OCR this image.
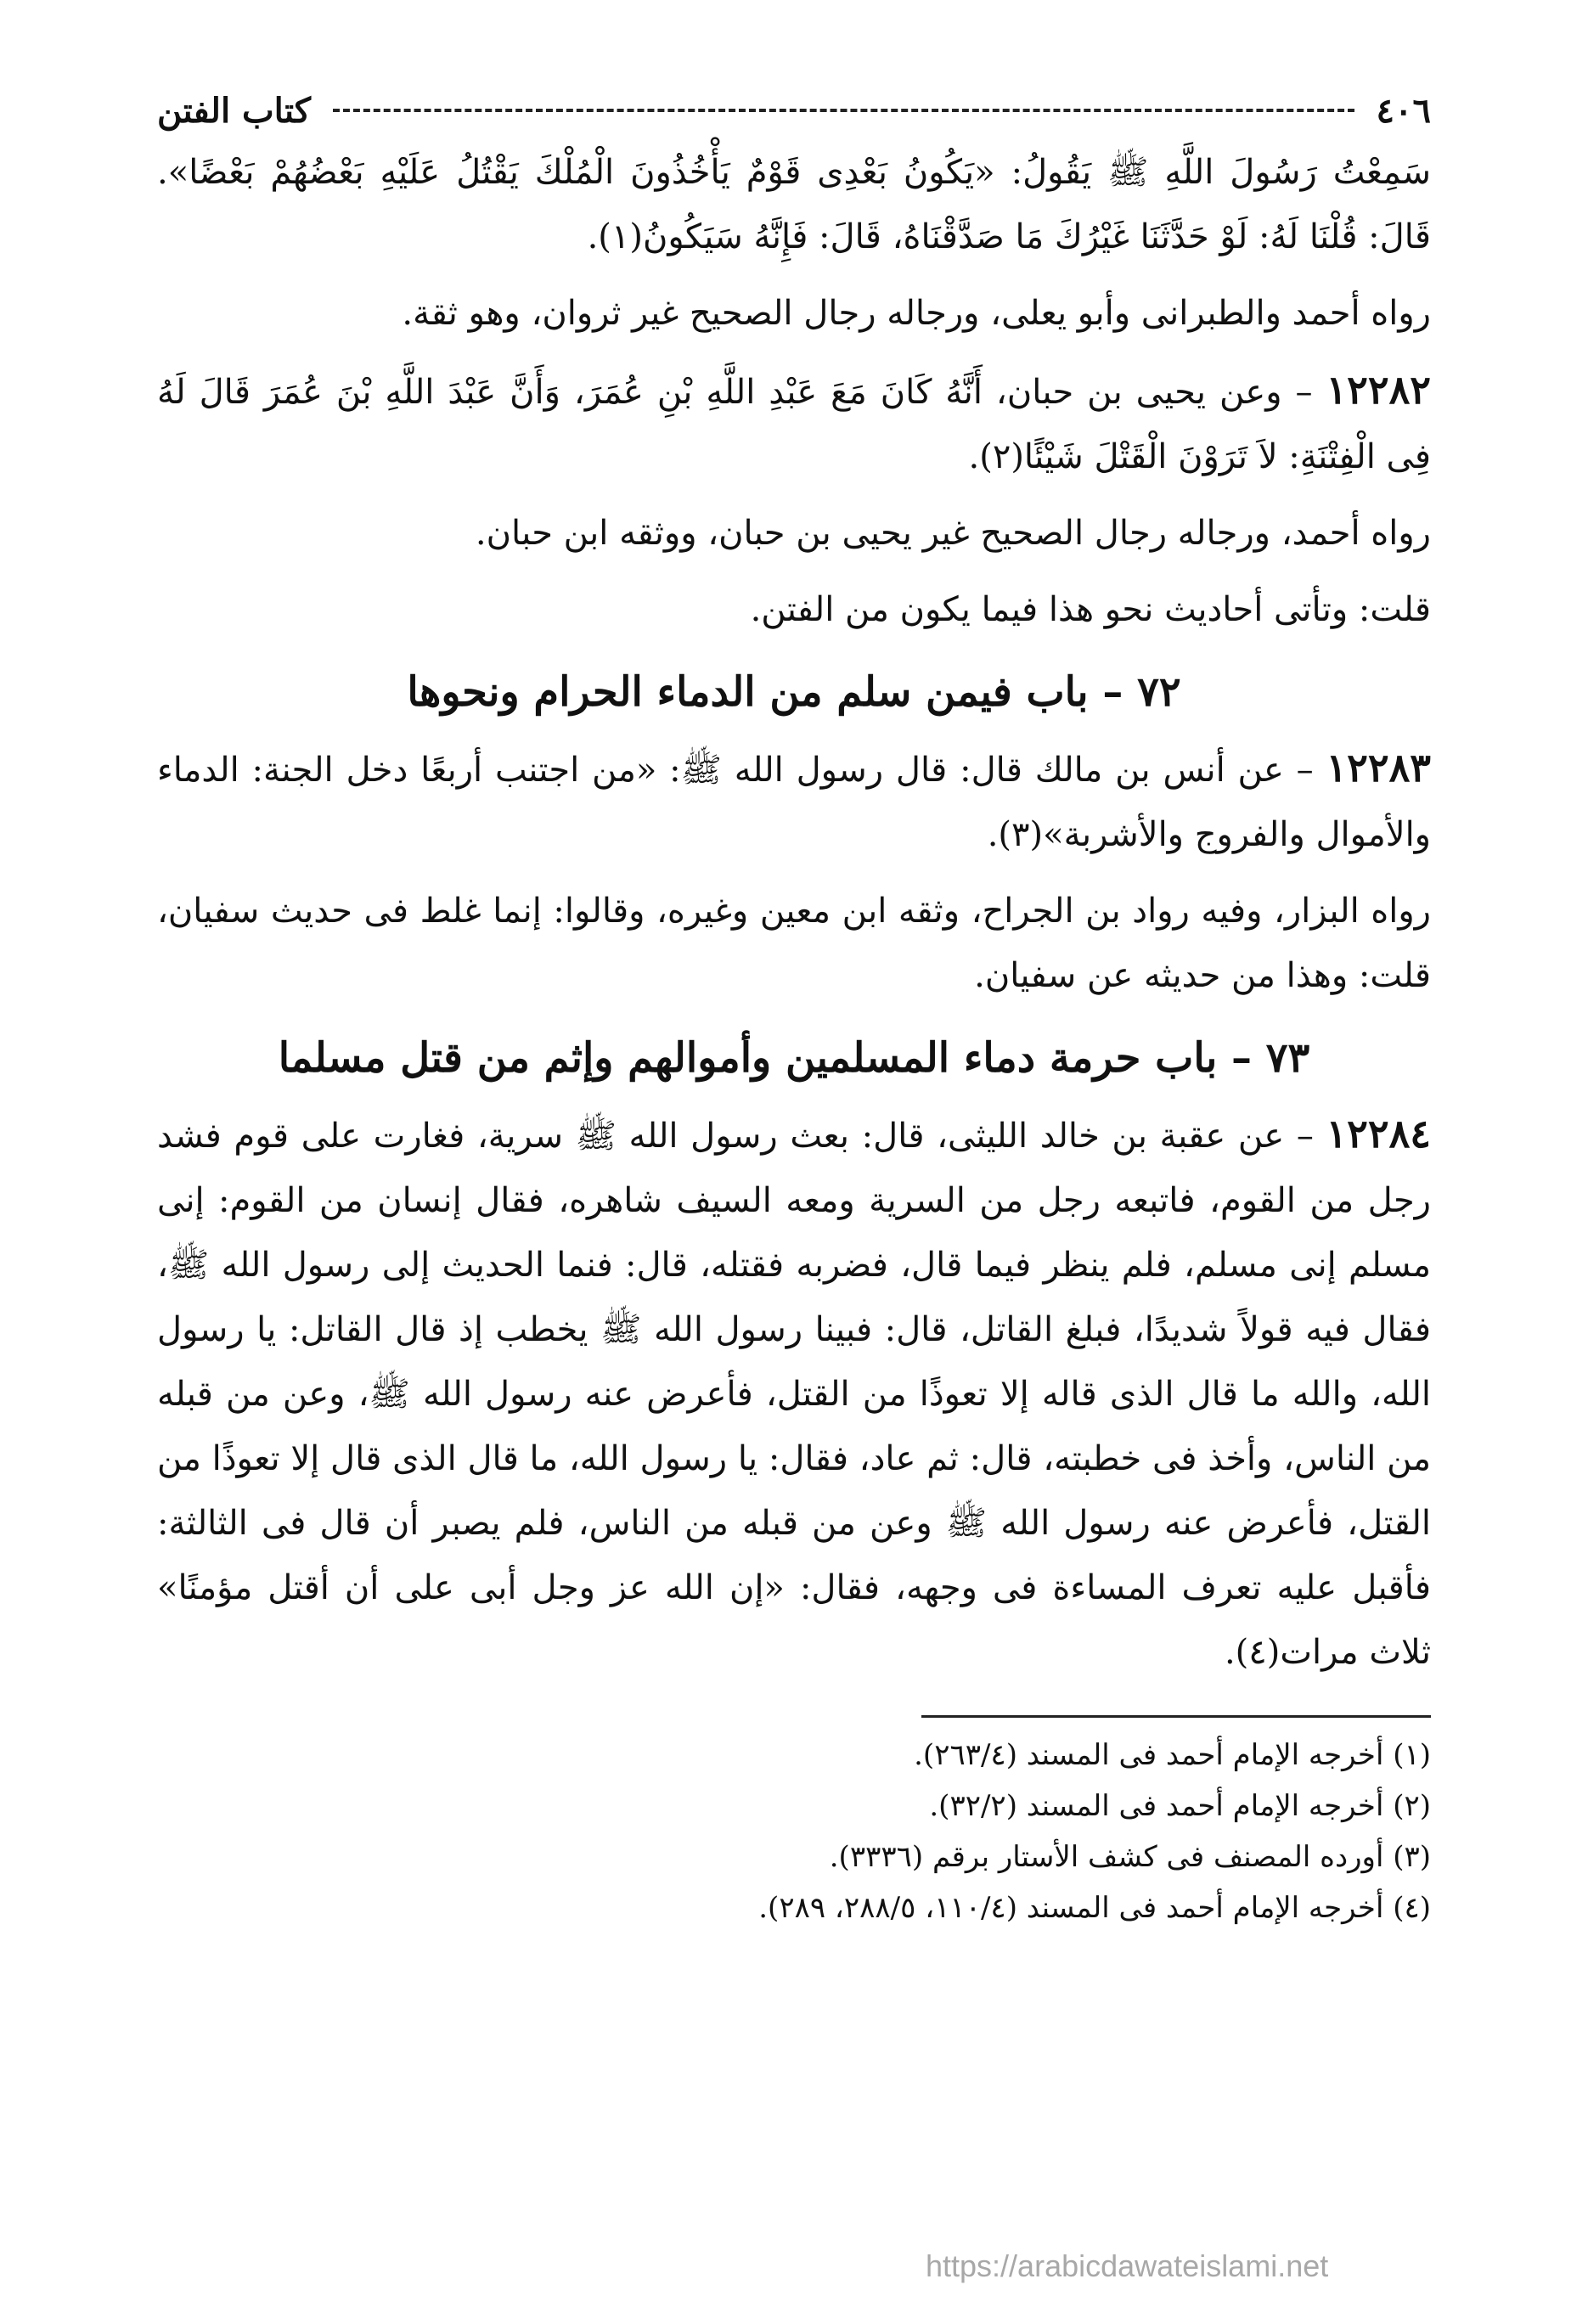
٤٠٦
كتاب الفتن

سَمِعْتُ رَسُولَ اللَّهِ ﷺ يَقُولُ: «يَكُونُ بَعْدِى قَوْمٌ يَأْخُذُونَ الْمُلْكَ يَقْتُلُ عَلَيْهِ بَعْضُهُمْ بَعْضًا». قَالَ: قُلْنَا لَهُ: لَوْ حَدَّثَنَا غَيْرُكَ مَا صَدَّقْنَاهُ، قَالَ: فَإِنَّهُ سَيَكُونُ(١).

رواه أحمد والطبرانى وأبو يعلى، ورجاله رجال الصحيح غير ثروان، وهو ثقة.

١٢٢٨٢ – وعن يحيى بن حبان، أَنَّهُ كَانَ مَعَ عَبْدِ اللَّهِ بْنِ عُمَرَ، وَأَنَّ عَبْدَ اللَّهِ بْنَ عُمَرَ قَالَ لَهُ فِى الْفِتْنَةِ: لاَ تَرَوْنَ الْقَتْلَ شَيْئًا(٢).

رواه أحمد، ورجاله رجال الصحيح غير يحيى بن حبان، ووثقه ابن حبان.

قلت: وتأتى أحاديث نحو هذا فيما يكون من الفتن.

٧٢ – باب فيمن سلم من الدماء الحرام ونحوها

١٢٢٨٣ – عن أنس بن مالك قال: قال رسول الله ﷺ: «من اجتنب أربعًا دخل الجنة: الدماء والأموال والفروج والأشربة»(٣).

رواه البزار، وفيه رواد بن الجراح، وثقه ابن معين وغيره، وقالوا: إنما غلط فى حديث سفيان، قلت: وهذا من حديثه عن سفيان.

٧٣ – باب حرمة دماء المسلمين وأموالهم وإثم من قتل مسلما

١٢٢٨٤ – عن عقبة بن خالد الليثى، قال: بعث رسول الله ﷺ سرية، فغارت على قوم فشد رجل من القوم، فاتبعه رجل من السرية ومعه السيف شاهره، فقال إنسان من القوم: إنى مسلم إنى مسلم، فلم ينظر فيما قال، فضربه فقتله، قال: فنما الحديث إلى رسول الله ﷺ، فقال فيه قولاً شديدًا، فبلغ القاتل، قال: فبينا رسول الله ﷺ يخطب إذ قال القاتل: يا رسول الله، والله ما قال الذى قاله إلا تعوذًا من القتل، فأعرض عنه رسول الله ﷺ، وعن من قبله من الناس، وأخذ فى خطبته، قال: ثم عاد، فقال: يا رسول الله، ما قال الذى قال إلا تعوذًا من القتل، فأعرض عنه رسول الله ﷺ وعن من قبله من الناس، فلم يصبر أن قال فى الثالثة: فأقبل عليه تعرف المساءة فى وجهه، فقال: «إن الله عز وجل أبى على أن أقتل مؤمنًا» ثلاث مرات(٤).

(١) أخرجه الإمام أحمد فى المسند (٢٦٣/٤).

(٢) أخرجه الإمام أحمد فى المسند (٣٢/٢).

(٣) أورده المصنف فى كشف الأستار برقم (٣٣٣٦).

(٤) أخرجه الإمام أحمد فى المسند (١١٠/٤، ٢٨٨/٥، ٢٨٩).

https://arabicdawateislami.net
